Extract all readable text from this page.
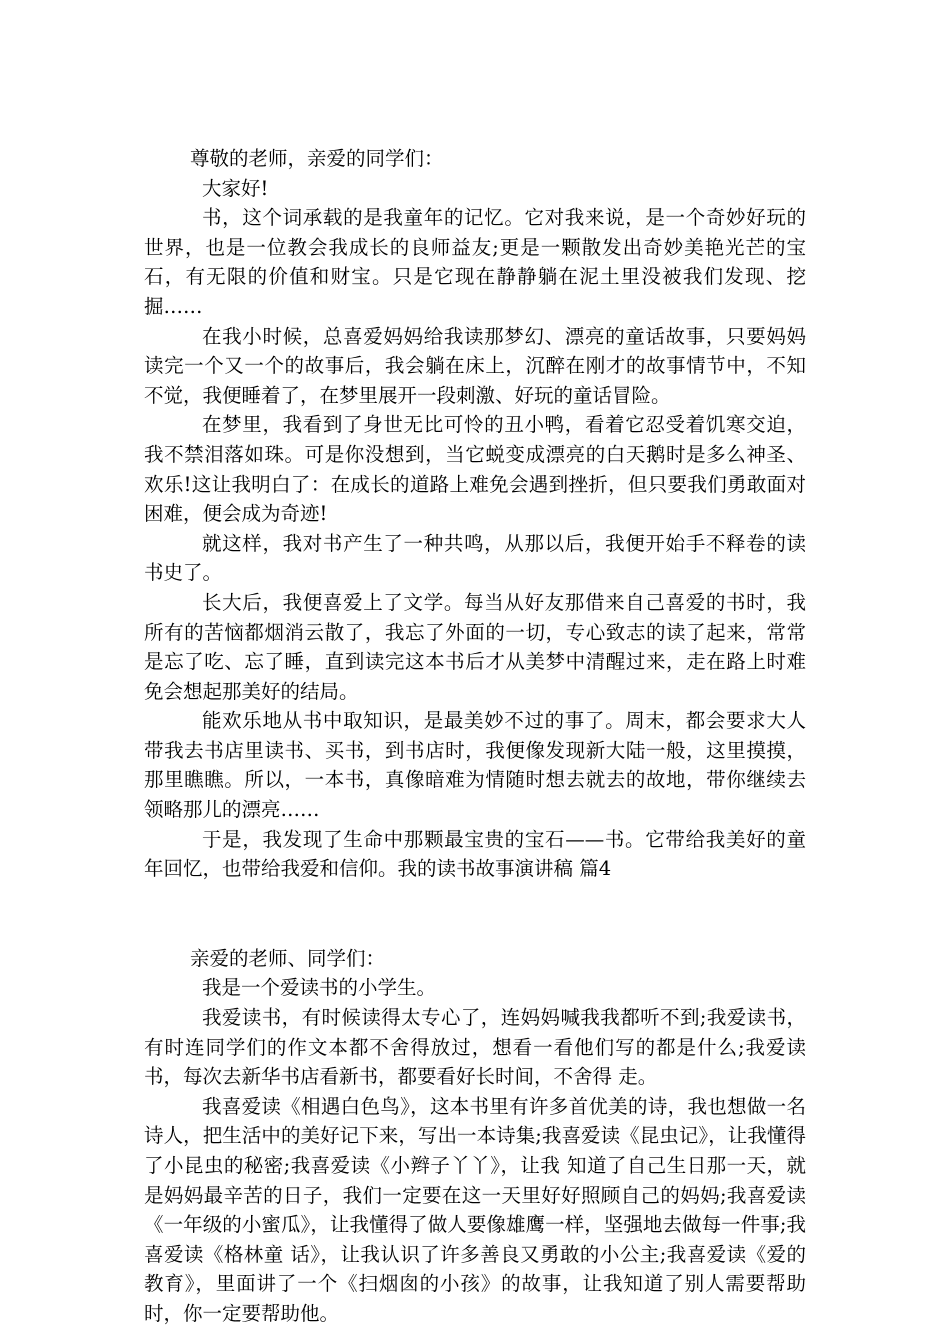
尊敬的老师，亲爱的同学们：

大家好!

书，这个词承载的是我童年的记忆。它对我来说，是一个奇妙好玩的世界，也是一位教会我成长的良师益友;更是一颗散发出奇妙美艳光芒的宝石，有无限的价值和财宝。只是它现在静静躺在泥土里没被我们发现、挖掘……

在我小时候，总喜爱妈妈给我读那梦幻、漂亮的童话故事，只要妈妈读完一个又一个的故事后，我会躺在床上，沉醉在刚才的故事情节中，不知不觉，我便睡着了，在梦里展开一段刺激、好玩的童话冒险。

在梦里，我看到了身世无比可怜的丑小鸭，看着它忍受着饥寒交迫，我不禁泪落如珠。可是你没想到，当它蜕变成漂亮的白天鹅时是多么神圣、欢乐!这让我明白了：在成长的道路上难免会遇到挫折，但只要我们勇敢面对困难，便会成为奇迹!

就这样，我对书产生了一种共鸣，从那以后，我便开始手不释卷的读书史了。

长大后，我便喜爱上了文学。每当从好友那借来自己喜爱的书时，我所有的苦恼都烟消云散了，我忘了外面的一切，专心致志的读了起来，常常是忘了吃、忘了睡，直到读完这本书后才从美梦中清醒过来，走在路上时难免会想起那美好的结局。

能欢乐地从书中取知识，是最美妙不过的事了。周末，都会要求大人带我去书店里读书、买书，到书店时，我便像发现新大陆一般，这里摸摸，那里瞧瞧。所以，一本书，真像暗难为情随时想去就去的故地，带你继续去领略那儿的漂亮……

于是，我发现了生命中那颗最宝贵的宝石——书。它带给我美好的童年回忆，也带给我爱和信仰。我的读书故事演讲稿 篇4

亲爱的老师、同学们：

我是一个爱读书的小学生。

我爱读书，有时候读得太专心了，连妈妈喊我我都听不到;我爱读书，有时连同学们的作文本都不舍得放过，想看一看他们写的都是什么;我爱读书，每次去新华书店看新书，都要看好长时间，不舍得 走。

我喜爱读《相遇白色鸟》，这本书里有许多首优美的诗，我也想做一名诗人，把生活中的美好记下来，写出一本诗集;我喜爱读《昆虫记》，让我懂得了小昆虫的秘密;我喜爱读《小辫子丫丫》，让我 知道了自己生日那一天，就是妈妈最辛苦的日子，我们一定要在这一天里好好照顾自己的妈妈;我喜爱读《一年级的小蜜瓜》，让我懂得了做人要像雄鹰一样，坚强地去做每一件事;我喜爱读《格林童 话》，让我认识了许多善良又勇敢的小公主;我喜爱读《爱的教育》，里面讲了一个《扫烟囱的小孩》的故事，让我知道了别人需要帮助时，你一定要帮助他。
